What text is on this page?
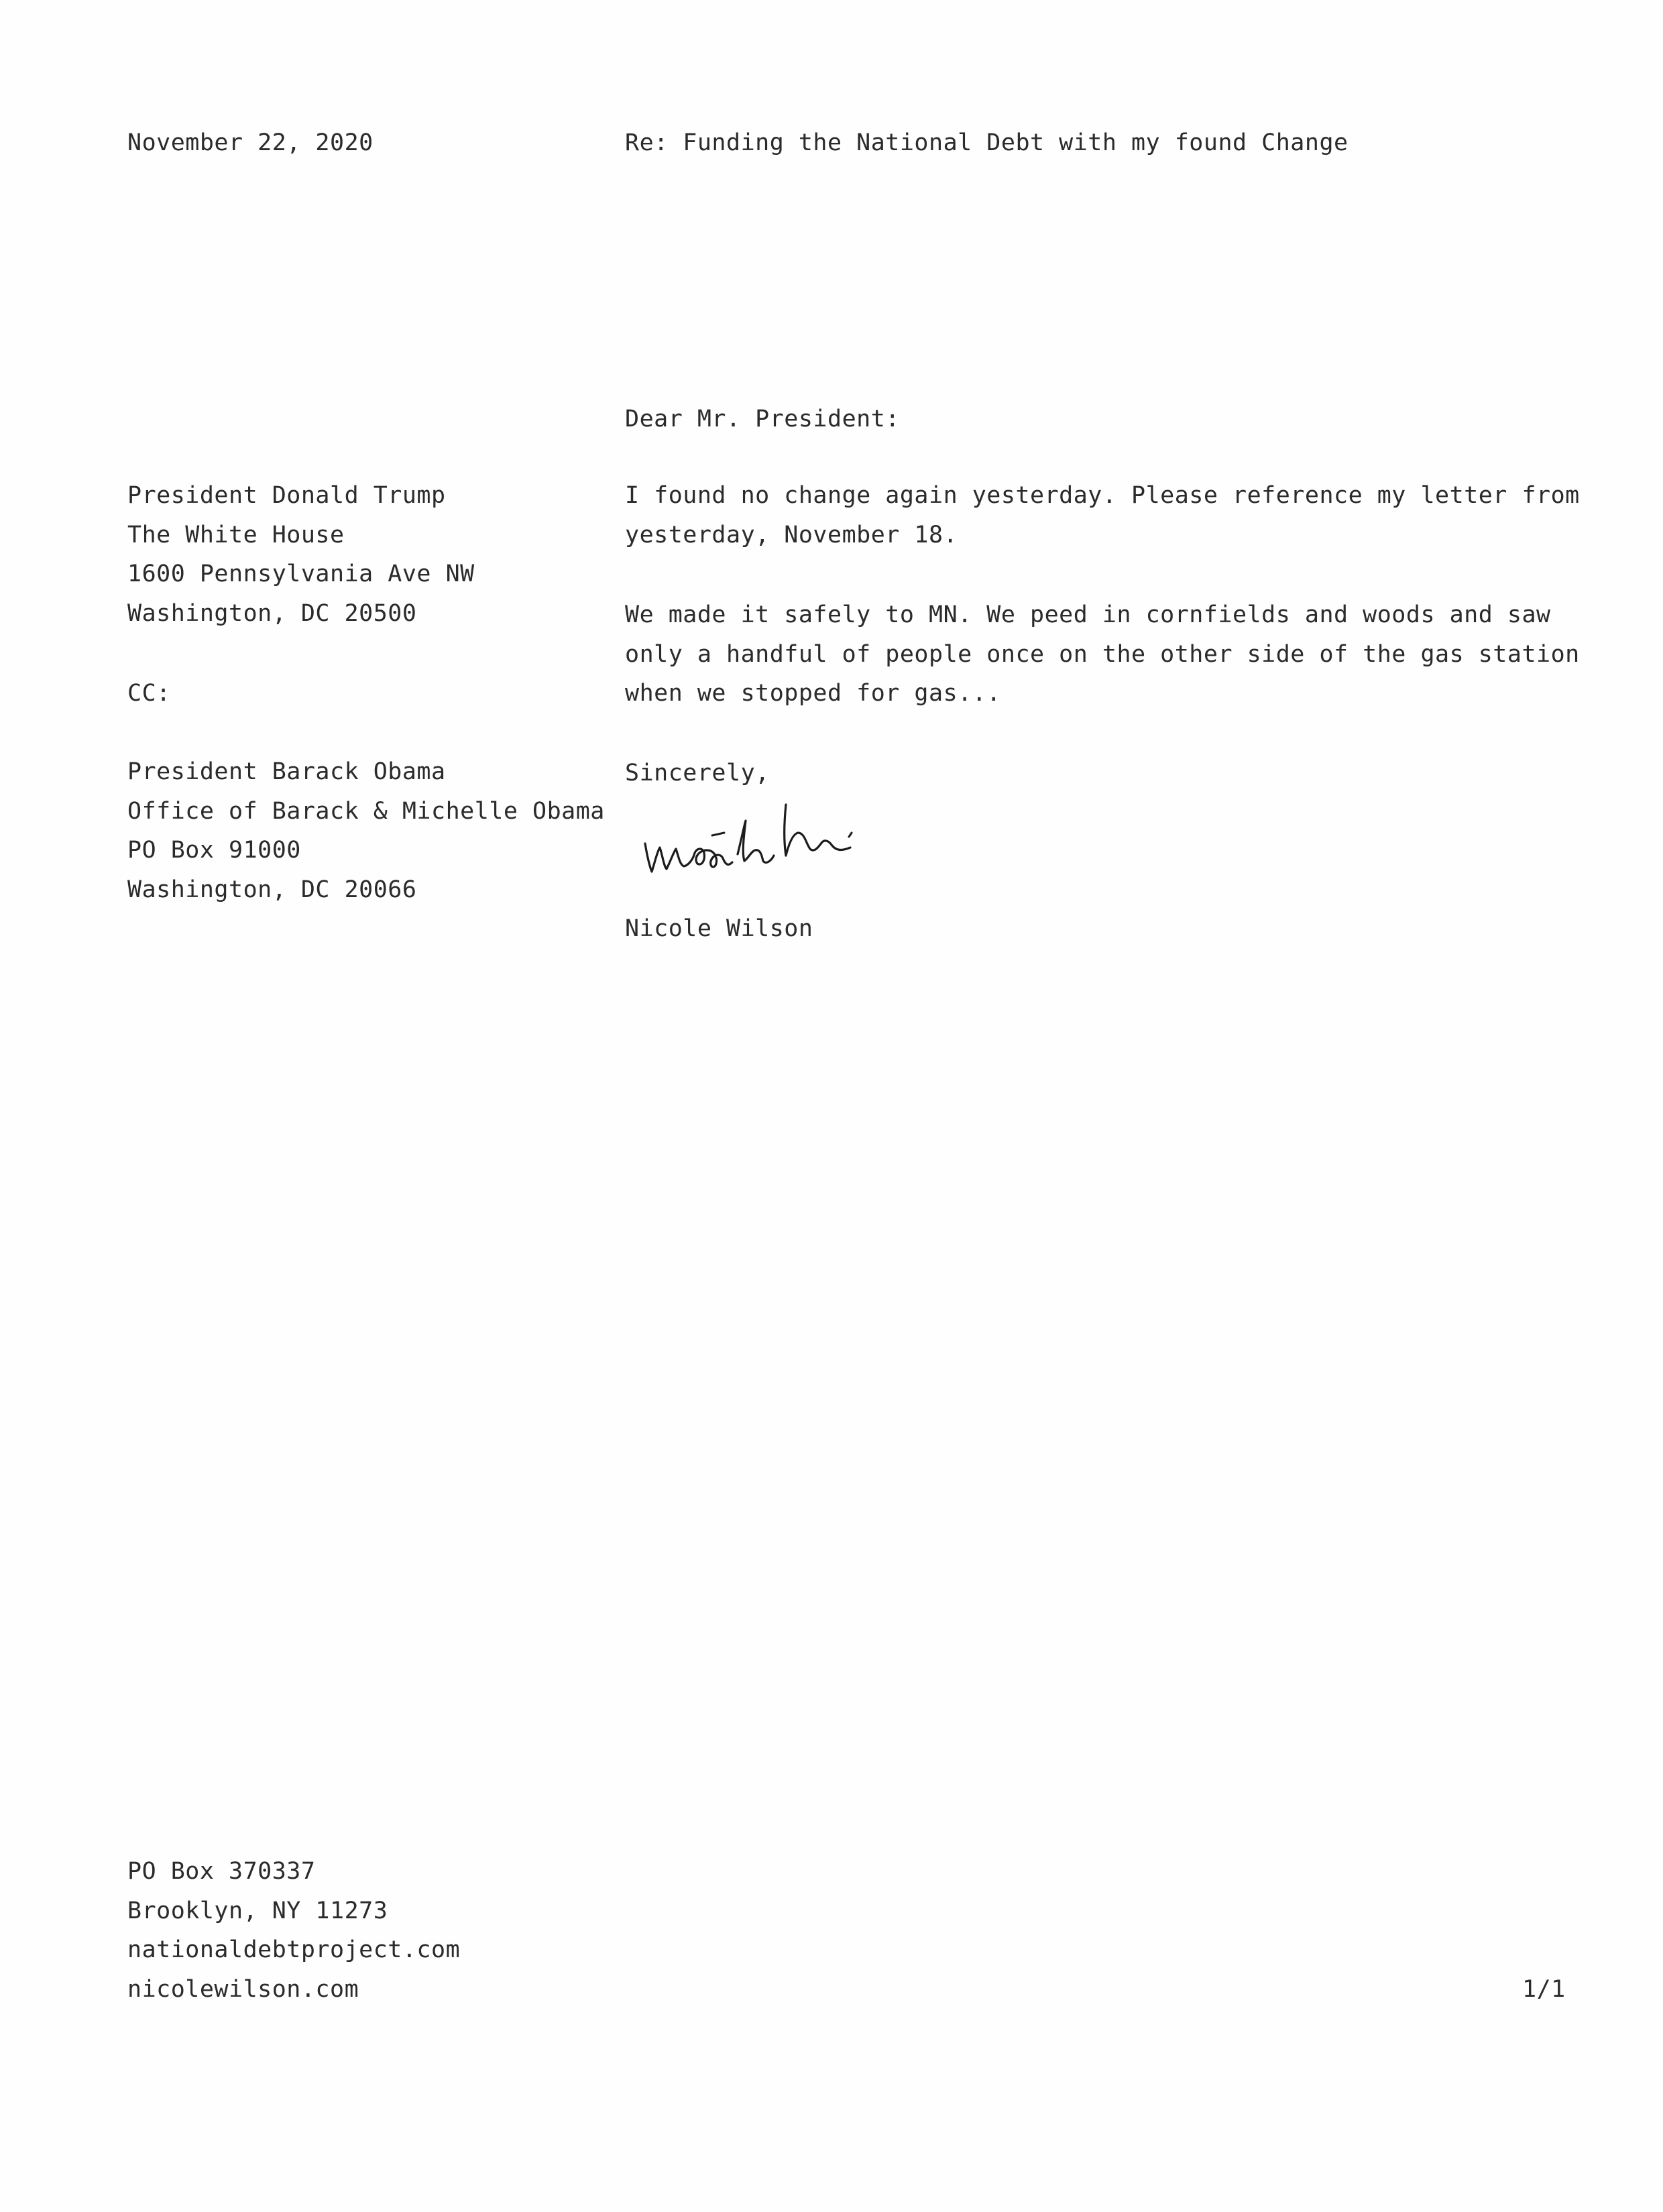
November 22, 2020	Re: Funding the National Debt with my found Change
Dear Mr. President:
President Donald Trump
The White House
1600 Pennsylvania Ave NW
Washington, DC 20500
CC:
President Barack Obama
Office of Barack & Michelle Obama
PO Box 91000
Washington, DC 20066
I found no change again yesterday. Please reference my letter from
yesterday, November 18.
We made it safely to MN. We peed in cornfields and woods and saw
only a handful of people once on the other side of the gas station
when we stopped for gas...
Sincerely,
Nicole Wilson
PO Box 370337
Brooklyn, NY 11273
nationaldebtproject.com
nicolewilson.com	1/1
